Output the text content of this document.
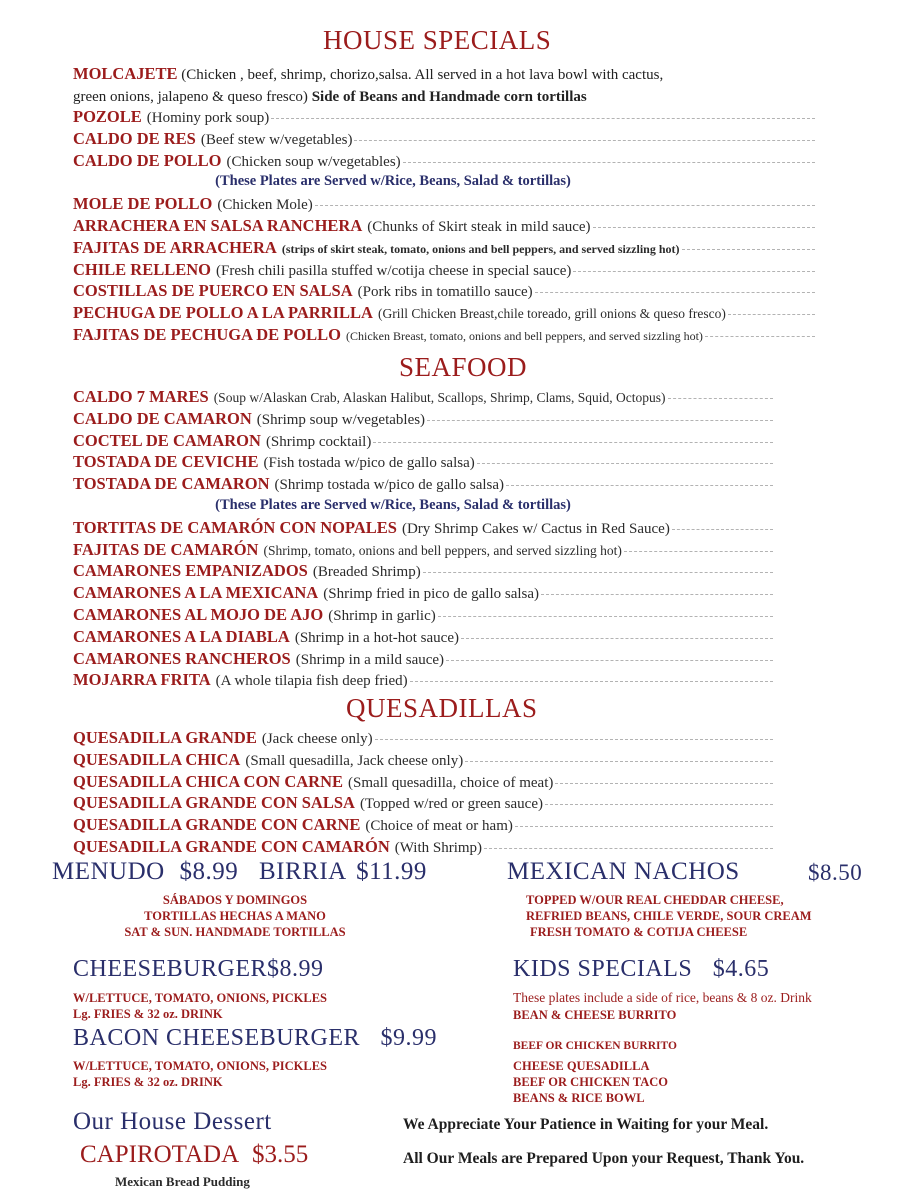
HOUSE SPECIALS
MOLCAJETE (Chicken , beef, shrimp, chorizo,salsa. All served in a hot lava bowl with cactus,
green onions, jalapeno & queso fresco) Side of Beans and Handmade corn tortillas
POZOLE (Hominy pork soup)
CALDO DE RES (Beef stew w/vegetables)
CALDO DE POLLO (Chicken soup w/vegetables)
(These Plates are Served w/Rice, Beans, Salad & tortillas)
MOLE DE POLLO (Chicken Mole)
ARRACHERA EN SALSA RANCHERA (Chunks of Skirt steak in mild sauce)
FAJITAS DE ARRACHERA (strips of skirt steak, tomato, onions and bell peppers, and served sizzling hot)
CHILE RELLENO (Fresh chili pasilla stuffed w/cotija cheese in special sauce)
COSTILLAS DE PUERCO EN SALSA (Pork ribs in tomatillo sauce)
PECHUGA DE POLLO A LA PARRILLA (Grill Chicken Breast,chile toreado, grill onions & queso fresco)
FAJITAS DE PECHUGA DE POLLO (Chicken Breast, tomato, onions and bell peppers, and served sizzling hot)
SEAFOOD
CALDO 7 MARES (Soup w/Alaskan Crab, Alaskan Halibut, Scallops, Shrimp, Clams, Squid, Octopus)
CALDO DE CAMARON (Shrimp soup w/vegetables)
COCTEL DE CAMARON (Shrimp cocktail)
TOSTADA DE CEVICHE (Fish tostada w/pico de gallo salsa)
TOSTADA DE CAMARON (Shrimp tostada w/pico de gallo salsa)
(These Plates are Served w/Rice, Beans, Salad & tortillas)
TORTITAS DE CAMARÓN CON NOPALES (Dry Shrimp Cakes w/ Cactus in Red Sauce)
FAJITAS DE CAMARÓN (Shrimp, tomato, onions and bell peppers, and served sizzling hot)
CAMARONES EMPANIZADOS (Breaded Shrimp)
CAMARONES A LA MEXICANA (Shrimp fried in pico de gallo salsa)
CAMARONES AL MOJO DE AJO (Shrimp in garlic)
CAMARONES A LA DIABLA (Shrimp in a hot-hot sauce)
CAMARONES RANCHEROS (Shrimp in a mild sauce)
MOJARRA FRITA (A whole tilapia fish deep fried)
QUESADILLAS
QUESADILLA GRANDE (Jack cheese only)
QUESADILLA CHICA (Small quesadilla, Jack cheese only)
QUESADILLA CHICA CON CARNE (Small quesadilla, choice of meat)
QUESADILLA GRANDE CON SALSA (Topped w/red or green sauce)
QUESADILLA GRANDE CON CARNE (Choice of meat or ham)
QUESADILLA GRANDE CON CAMARÓN (With Shrimp)
MENUDO $8.99 BIRRIA $11.99
SÁBADOS Y DOMINGOS
TORTILLAS HECHAS A MANO
SAT & SUN. HANDMADE TORTILLAS
MEXICAN NACHOS	$8.50
TOPPED W/OUR REAL CHEDDAR CHEESE,
REFRIED BEANS, CHILE VERDE, SOUR CREAM
FRESH TOMATO & COTIJA CHEESE
CHEESEBURGER$8.99
W/LETTUCE, TOMATO, ONIONS, PICKLES
Lg. FRIES & 32 oz. DRINK
BACON CHEESEBURGER $9.99
W/LETTUCE, TOMATO, ONIONS, PICKLES
Lg. FRIES & 32 oz. DRINK
KIDS SPECIALS $4.65
These plates include a side of rice, beans & 8 oz. Drink
BEAN & CHEESE BURRITO
BEEF OR CHICKEN BURRITO
CHEESE QUESADILLA
BEEF OR CHICKEN TACO
BEANS & RICE BOWL
Our House Dessert
CAPIROTADA $3.55
Mexican Bread Pudding
We Appreciate Your Patience in Waiting for your Meal.
All Our Meals are Prepared Upon your Request, Thank You.
